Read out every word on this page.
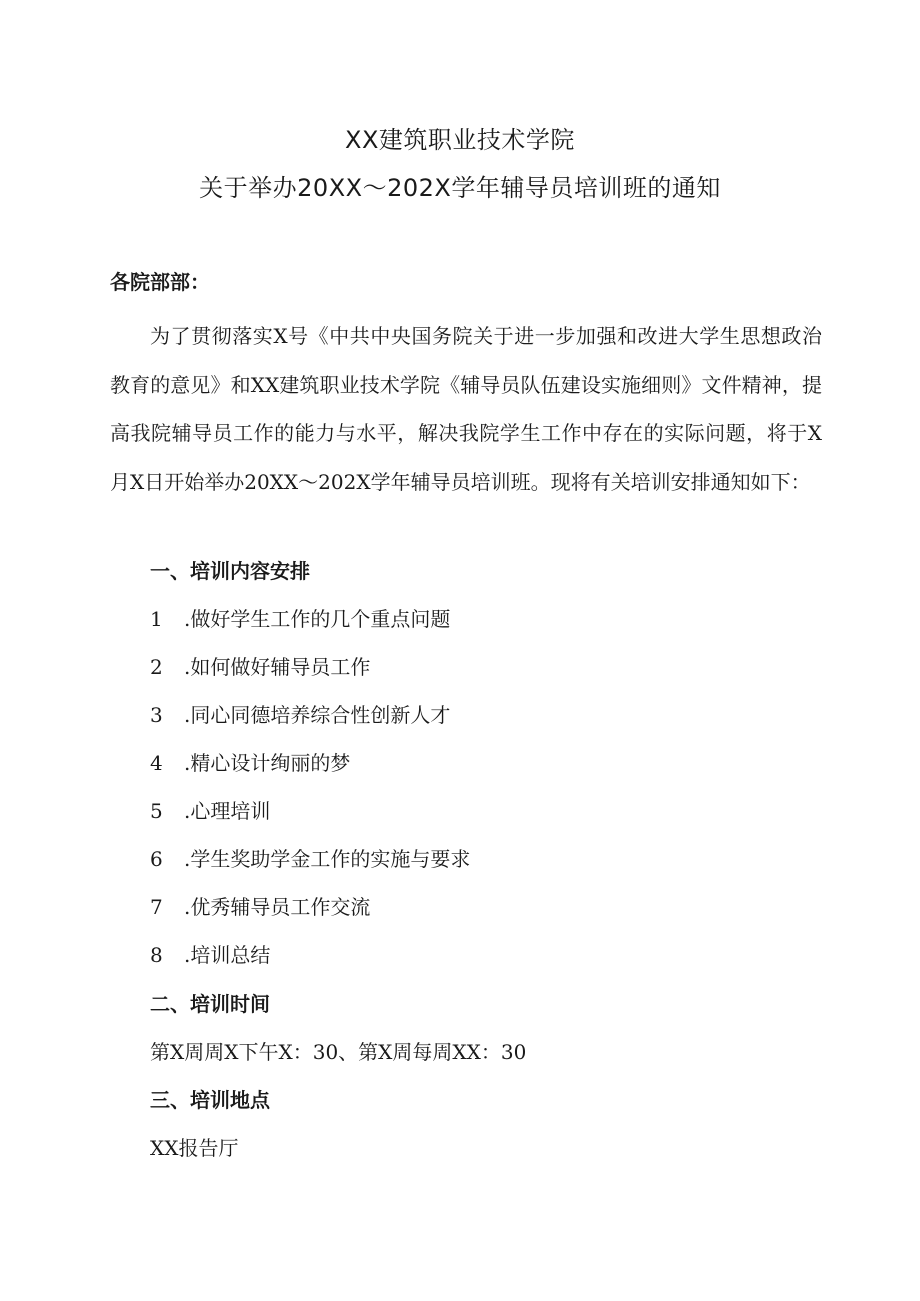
XX建筑职业技术学院
关于举办20XX～202X学年辅导员培训班的通知
各院部部：
为了贯彻落实X号《中共中央国务院关于进一步加强和改进大学生思想政治教育的意见》和XX建筑职业技术学院《辅导员队伍建设实施细则》文件精神，提高我院辅导员工作的能力与水平，解决我院学生工作中存在的实际问题，将于X月X日开始举办20XX～202X学年辅导员培训班。现将有关培训安排通知如下：
一、培训内容安排
1 .做好学生工作的几个重点问题
2 .如何做好辅导员工作
3 .同心同德培养综合性创新人才
4 .精心设计绚丽的梦
5 .心理培训
6 .学生奖助学金工作的实施与要求
7 .优秀辅导员工作交流
8 .培训总结
二、培训时间
第X周周X下午X：30、第X周每周XX：30
三、培训地点
XX报告厅
